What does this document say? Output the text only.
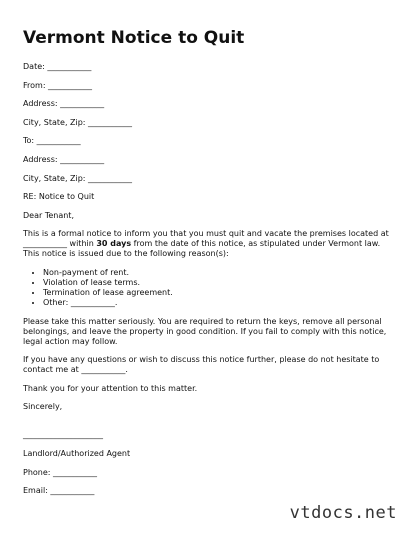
Vermont Notice to Quit
Date: ___________
From: ___________
Address: ___________
City, State, Zip: ___________
To: ___________
Address: ___________
City, State, Zip: ___________
RE: Notice to Quit
Dear Tenant,
This is a formal notice to inform you that you must quit and vacate the premises located at ___________ within 30 days from the date of this notice, as stipulated under Vermont law. This notice is issued due to the following reason(s):
• Non-payment of rent.
• Violation of lease terms.
• Termination of lease agreement.
• Other: ___________.
Please take this matter seriously. You are required to return the keys, remove all personal belongings, and leave the property in good condition. If you fail to comply with this notice, legal action may follow.
If you have any questions or wish to discuss this notice further, please do not hesitate to contact me at ___________.
Thank you for your attention to this matter.
Sincerely,
____________________
Landlord/Authorized Agent
Phone: ___________
Email: ___________
vtdocs.net
